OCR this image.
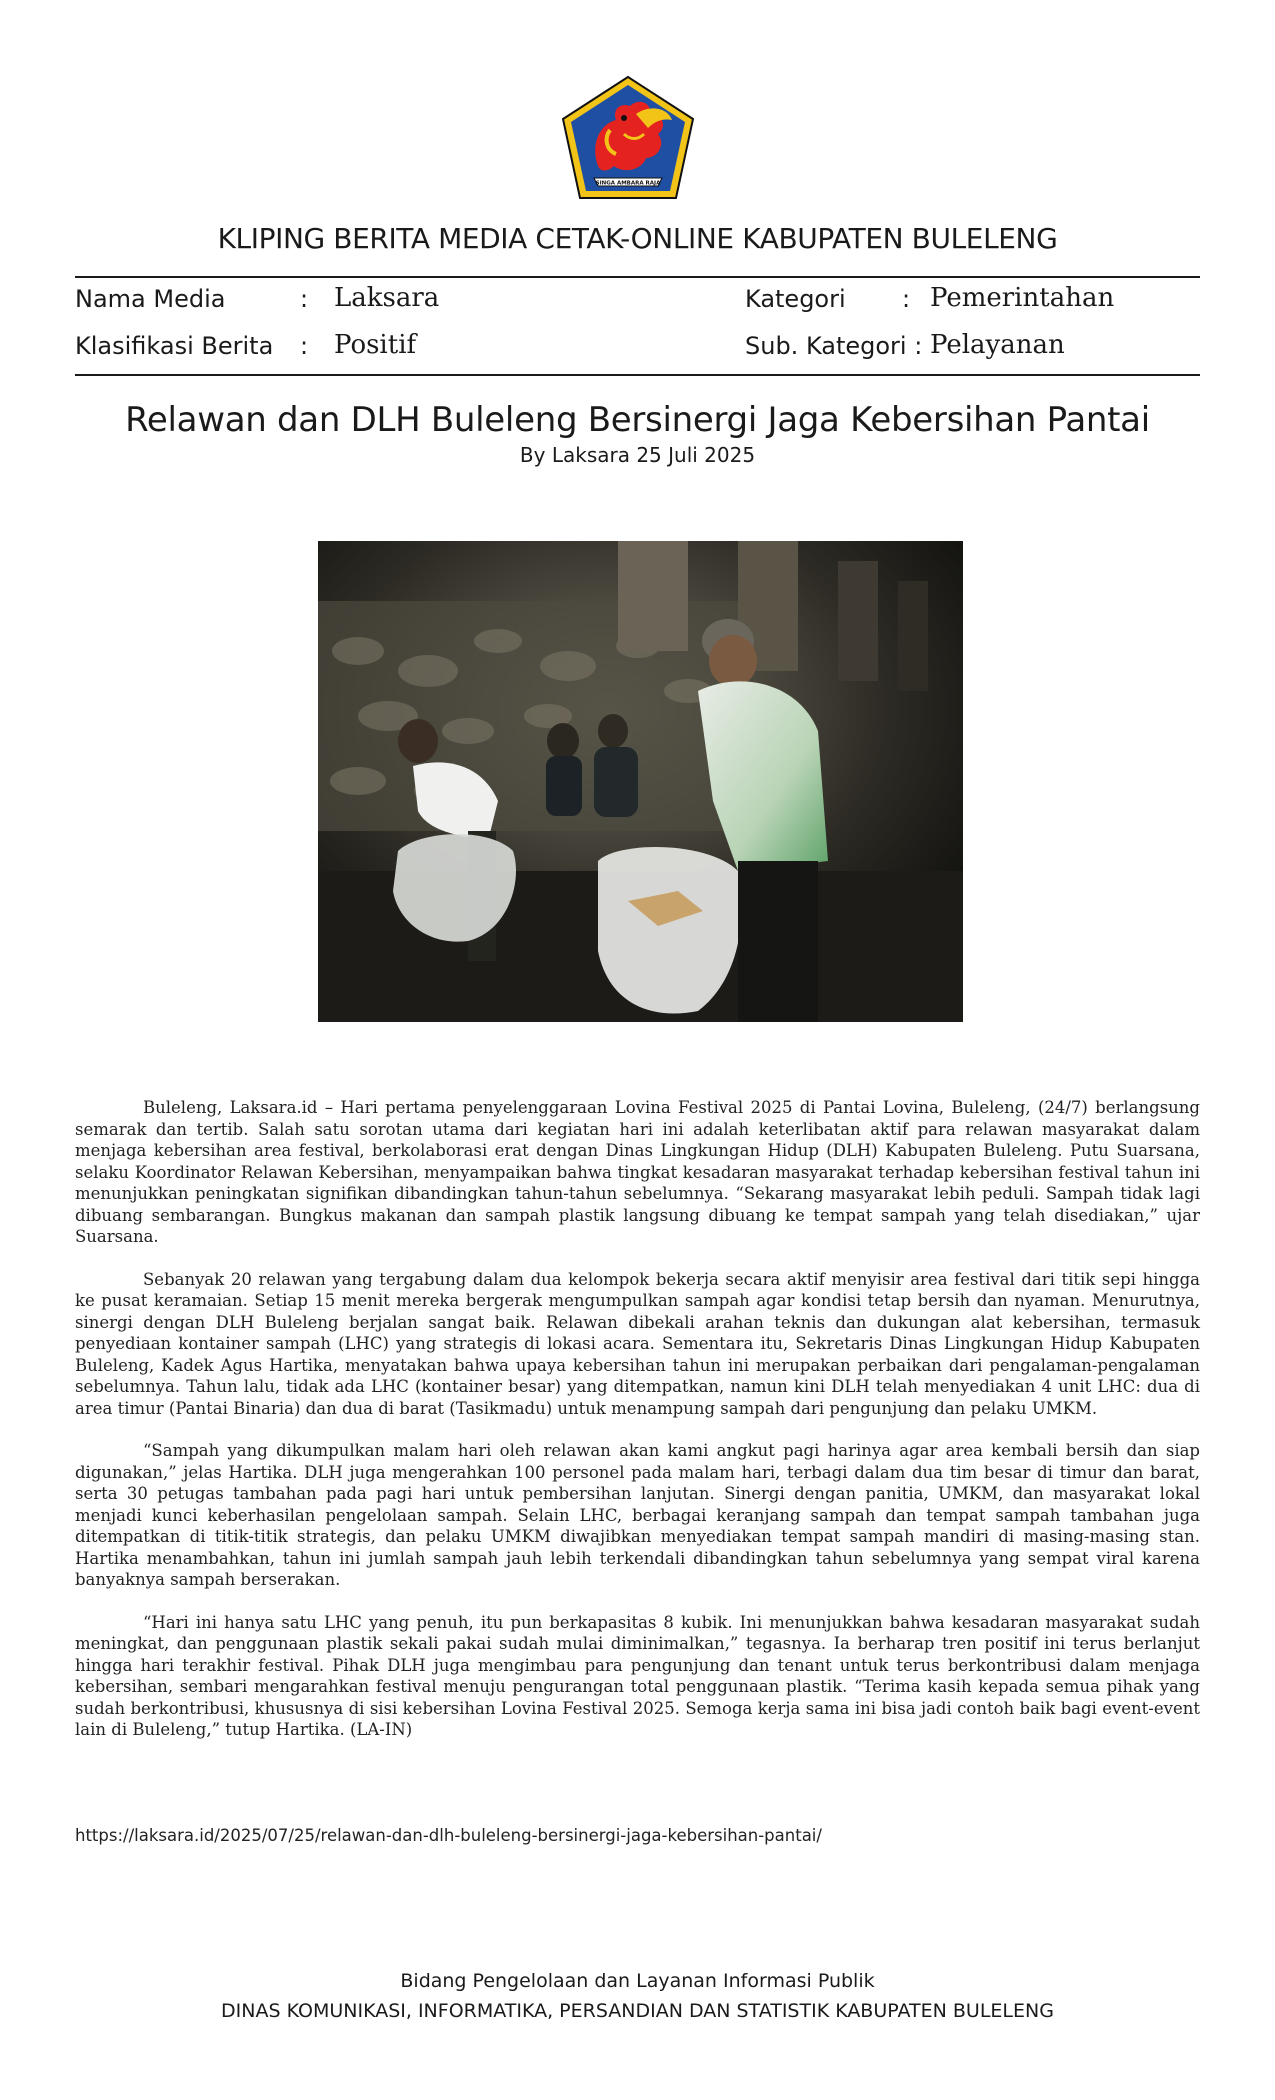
SINGA AMBARA RAJA
KLIPING BERITA MEDIA CETAK-ONLINE KABUPATEN BULELENG
Nama Media	: Laksara	Kategori : Pemerintahan
Klasifikasi Berita : Positif	Sub. Kategori : Pelayanan
Relawan dan DLH Buleleng Bersinergi Jaga Kebersihan Pantai
By Laksara 25 Juli 2025

Buleleng, Laksara.id – Hari pertama penyelenggaraan Lovina Festival 2025 di Pantai Lovina, Buleleng, (24/7) berlangsung semarak dan tertib. Salah satu sorotan utama dari kegiatan hari ini adalah keterlibatan aktif para relawan masyarakat dalam menjaga kebersihan area festival, berkolaborasi erat dengan Dinas Lingkungan Hidup (DLH) Kabupaten Buleleng. Putu Suarsana, selaku Koordinator Relawan Kebersihan, menyampaikan bahwa tingkat kesadaran masyarakat terhadap kebersihan festival tahun ini menunjukkan peningkatan signifikan dibandingkan tahun-tahun sebelumnya. “Sekarang masyarakat lebih peduli. Sampah tidak lagi dibuang sembarangan. Bungkus makanan dan sampah plastik langsung dibuang ke tempat sampah yang telah disediakan,” ujar Suarsana.

Sebanyak 20 relawan yang tergabung dalam dua kelompok bekerja secara aktif menyisir area festival dari titik sepi hingga ke pusat keramaian. Setiap 15 menit mereka bergerak mengumpulkan sampah agar kondisi tetap bersih dan nyaman. Menurutnya, sinergi dengan DLH Buleleng berjalan sangat baik. Relawan dibekali arahan teknis dan dukungan alat kebersihan, termasuk penyediaan kontainer sampah (LHC) yang strategis di lokasi acara. Sementara itu, Sekretaris Dinas Lingkungan Hidup Kabupaten Buleleng, Kadek Agus Hartika, menyatakan bahwa upaya kebersihan tahun ini merupakan perbaikan dari pengalaman-pengalaman sebelumnya. Tahun lalu, tidak ada LHC (kontainer besar) yang ditempatkan, namun kini DLH telah menyediakan 4 unit LHC: dua di area timur (Pantai Binaria) dan dua di barat (Tasikmadu) untuk menampung sampah dari pengunjung dan pelaku UMKM.

“Sampah yang dikumpulkan malam hari oleh relawan akan kami angkut pagi harinya agar area kembali bersih dan siap digunakan,” jelas Hartika. DLH juga mengerahkan 100 personel pada malam hari, terbagi dalam dua tim besar di timur dan barat, serta 30 petugas tambahan pada pagi hari untuk pembersihan lanjutan. Sinergi dengan panitia, UMKM, dan masyarakat lokal menjadi kunci keberhasilan pengelolaan sampah. Selain LHC, berbagai keranjang sampah dan tempat sampah tambahan juga ditempatkan di titik-titik strategis, dan pelaku UMKM diwajibkan menyediakan tempat sampah mandiri di masing-masing stan. Hartika menambahkan, tahun ini jumlah sampah jauh lebih terkendali dibandingkan tahun sebelumnya yang sempat viral karena banyaknya sampah berserakan.

“Hari ini hanya satu LHC yang penuh, itu pun berkapasitas 8 kubik. Ini menunjukkan bahwa kesadaran masyarakat sudah meningkat, dan penggunaan plastik sekali pakai sudah mulai diminimalkan,” tegasnya. Ia berharap tren positif ini terus berlanjut hingga hari terakhir festival. Pihak DLH juga mengimbau para pengunjung dan tenant untuk terus berkontribusi dalam menjaga kebersihan, sembari mengarahkan festival menuju pengurangan total penggunaan plastik. “Terima kasih kepada semua pihak yang sudah berkontribusi, khususnya di sisi kebersihan Lovina Festival 2025. Semoga kerja sama ini bisa jadi contoh baik bagi event-event lain di Buleleng,” tutup Hartika. (LA-IN)

https://laksara.id/2025/07/25/relawan-dan-dlh-buleleng-bersinergi-jaga-kebersihan-pantai/
Bidang Pengelolaan dan Layanan Informasi Publik
DINAS KOMUNIKASI, INFORMATIKA, PERSANDIAN DAN STATISTIK KABUPATEN BULELENG
